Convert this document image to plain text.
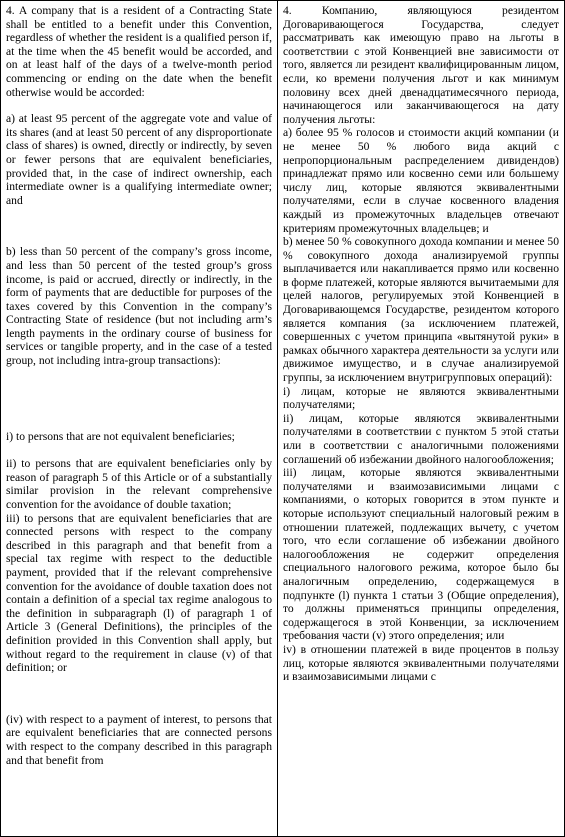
4. A company that is a resident of a Contracting State shall be entitled to a benefit under this Convention, regardless of whether the resident is a qualified person if, at the time when the 45 benefit would be accorded, and on at least half of the days of a twelve-month period commencing or ending on the date when the benefit otherwise would be accorded:

a) at least 95 percent of the aggregate vote and value of its shares (and at least 50 percent of any disproportionate class of shares) is owned, directly or indirectly, by seven or fewer persons that are equivalent beneficiaries, provided that, in the case of indirect ownership, each intermediate owner is a qualifying intermediate owner; and

b) less than 50 percent of the company’s gross income, and less than 50 percent of the tested group’s gross income, is paid or accrued, directly or indirectly, in the form of payments that are deductible for purposes of the taxes covered by this Convention in the company’s Contracting State of residence (but not including arm’s length payments in the ordinary course of business for services or tangible property, and in the case of a tested group, not including intra-group transactions):

i) to persons that are not equivalent beneficiaries;

ii) to persons that are equivalent beneficiaries only by reason of paragraph 5 of this Article or of a substantially similar provision in the relevant comprehensive convention for the avoidance of double taxation;

iii) to persons that are equivalent beneficiaries that are connected persons with respect to the company described in this paragraph and that benefit from a special tax regime with respect to the deductible payment, provided that if the relevant comprehensive convention for the avoidance of double taxation does not contain a definition of a special tax regime analogous to the definition in subparagraph (l) of paragraph 1 of Article 3 (General Definitions), the principles of the definition provided in this Convention shall apply, but without regard to the requirement in clause (v) of that definition; or

(iv) with respect to a payment of interest, to persons that are equivalent beneficiaries that are connected persons with respect to the company described in this paragraph and that benefit from

4. Компанию, являющуюся резидентом Договаривающегося Государства, следует рассматривать как имеющую право на льготы в соответствии с этой Конвенцией вне зависимости от того, является ли резидент квалифицированным лицом, если, ко времени получения льгот и как минимум половину всех дней двенадцатимесячного периода, начинающегося или заканчивающегося на дату получения льготы:

а) более 95 % голосов и стоимости акций компании (и не менее 50 % любого вида акций с непропорциональным распределением дивидендов) принадлежат прямо или косвенно семи или большему числу лиц, которые являются эквивалентными получателями, если в случае косвенного владения каждый из промежуточных владельцев отвечают критериям промежуточных владельцев; и

b) менее 50 % совокупного дохода компании и менее 50 % совокупного дохода анализируемой группы выплачивается или накапливается прямо или косвенно в форме платежей, которые являются вычитаемыми для целей налогов, регулируемых этой Конвенцией в Договаривающемся Государстве, резидентом которого является компания (за исключением платежей, совершенных с учетом принципа «вытянутой руки» в рамках обычного характера деятельности за услуги или движимое имущество, и в случае анализируемой группы, за исключением внутригрупповых операций):

i) лицам, которые не являются эквивалентными получателями;

ii) лицам, которые являются эквивалентными получателями в соответствии с пунктом 5 этой статьи или в соответствии с аналогичными положениями соглашений об избежании двойного налогообложения;

iii) лицам, которые являются эквивалентными получателями и взаимозависимыми лицами с компаниями, о которых говорится в этом пункте и которые используют специальный налоговый режим в отношении платежей, подлежащих вычету, с учетом того, что если соглашение об избежании двойного налогообложения не содержит определения специального налогового режима, которое было бы аналогичным определению, содержащемуся в подпункте (l) пункта 1 статьи 3 (Общие определения), то должны применяться принципы определения, содержащегося в этой Конвенции, за исключением требования части (v) этого определения; или

iv) в отношении платежей в виде процентов в пользу лиц, которые являются эквивалентными получателями и взаимозависимыми лицами с
